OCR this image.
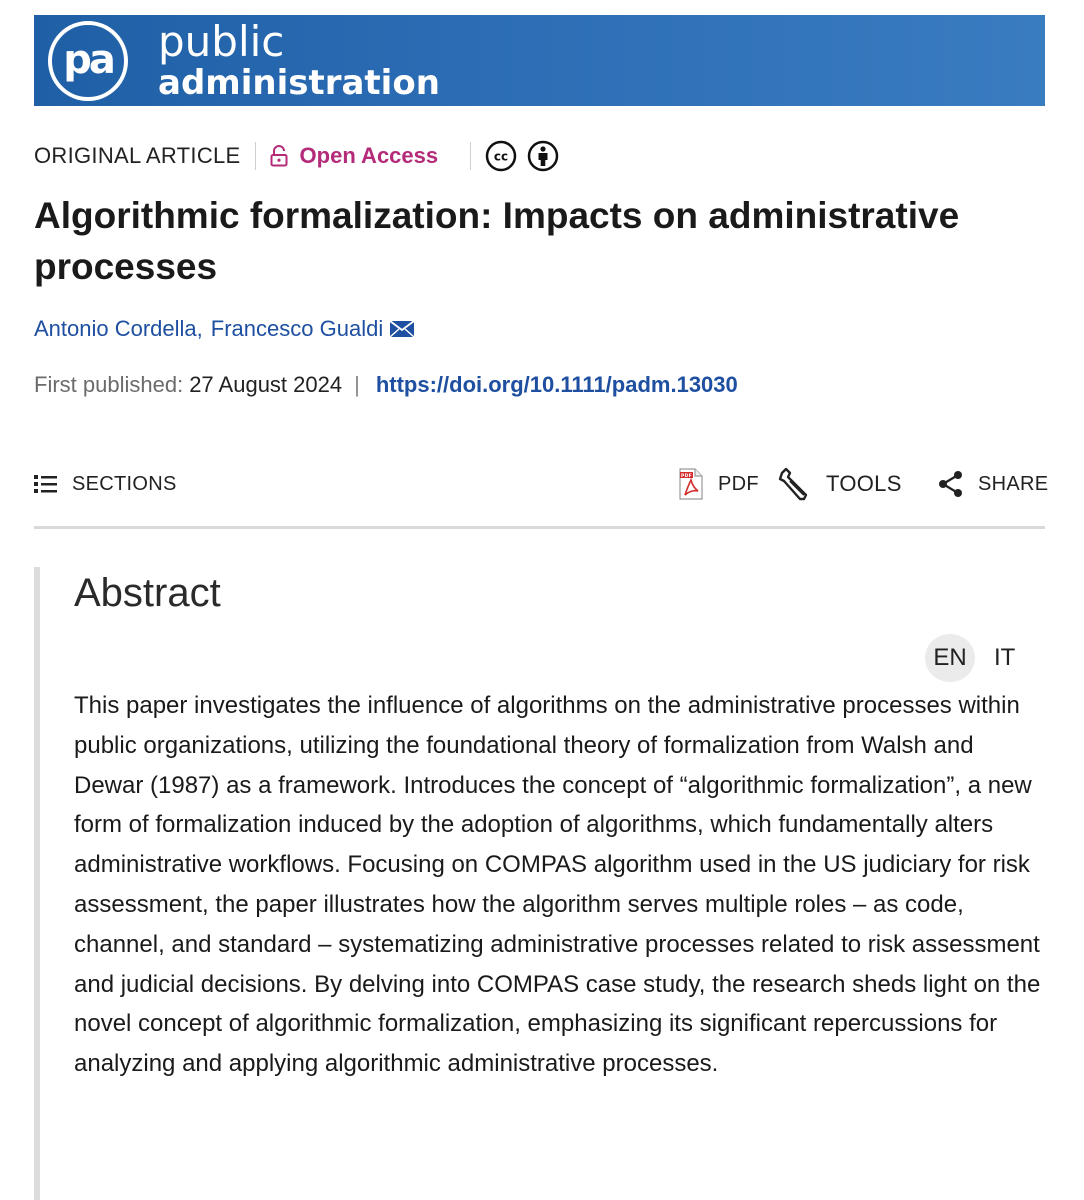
pa	public
administration
ORIGINAL ARTICLE	Open Access	cc
Algorithmic formalization: Impacts on administrative processes
Antonio Cordella , Francesco Gualdi
First published: 27 August 2024 | https://doi.org/10.1111/padm.13030
SECTIONS	PDF PDF	TOOLS	SHARE
Abstract
EN	IT

This paper investigates the influence of algorithms on the administrative processes within public organizations, utilizing the foundational theory of formalization from Walsh and Dewar (1987) as a framework. Introduces the concept of “algorithmic formalization”, a new form of formalization induced by the adoption of algorithms, which fundamentally alters administrative workflows. Focusing on COMPAS algorithm used in the US judiciary for risk assessment, the paper illustrates how the algorithm serves multiple roles – as code, channel, and standard – systematizing administrative processes related to risk assessment and judicial decisions. By delving into COMPAS case study, the research sheds light on the novel concept of algorithmic formalization, emphasizing its significant repercussions for analyzing and applying algorithmic administrative processes.
